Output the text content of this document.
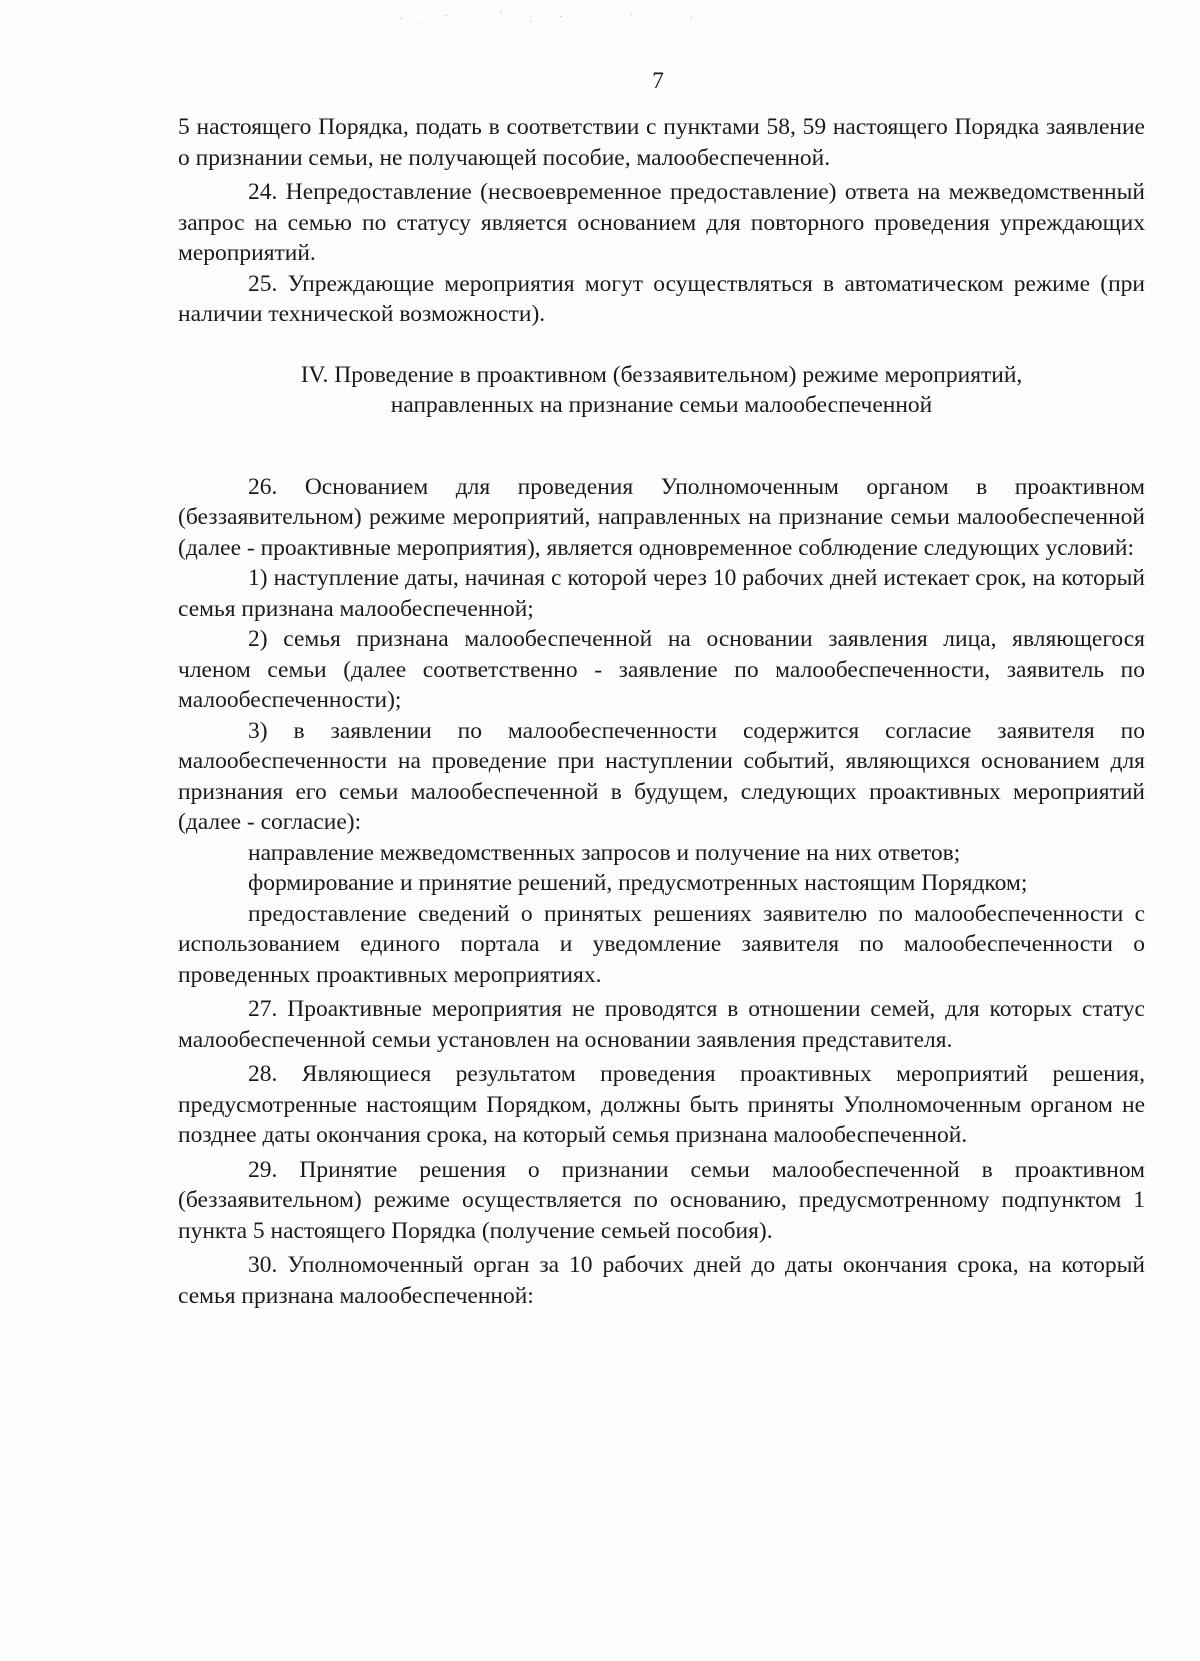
7

5 настоящего Порядка, подать в соответствии с пунктами 58, 59 настоящего Порядка заявление о признании семьи, не получающей пособие, малообеспеченной.

24. Непредоставление (несвоевременное предоставление) ответа на межведомственный запрос на семью по статусу является основанием для повторного проведения упреждающих мероприятий.

25. Упреждающие мероприятия могут осуществляться в автоматическом режиме (при наличии технической возможности).

IV. Проведение в проактивном (беззаявительном) режиме мероприятий,
направленных на признание семьи малообеспеченной

26. Основанием для проведения Уполномоченным органом в проактивном (беззаявительном) режиме мероприятий, направленных на признание семьи малообеспеченной (далее - проактивные мероприятия), является одновременное соблюдение следующих условий:

1) наступление даты, начиная с которой через 10 рабочих дней истекает срок, на который семья признана малообеспеченной;

2) семья признана малообеспеченной на основании заявления лица, являющегося членом семьи (далее соответственно - заявление по малообеспеченности, заявитель по малообеспеченности);

3) в заявлении по малообеспеченности содержится согласие заявителя по малообеспеченности на проведение при наступлении событий, являющихся основанием для признания его семьи малообеспеченной в будущем, следующих проактивных мероприятий (далее - согласие):

направление межведомственных запросов и получение на них ответов;

формирование и принятие решений, предусмотренных настоящим Порядком;

предоставление сведений о принятых решениях заявителю по малообеспеченности с использованием единого портала и уведомление заявителя по малообеспеченности о проведенных проактивных мероприятиях.

27. Проактивные мероприятия не проводятся в отношении семей, для которых статус малообеспеченной семьи установлен на основании заявления представителя.

28. Являющиеся результатом проведения проактивных мероприятий решения, предусмотренные настоящим Порядком, должны быть приняты Уполномоченным органом не позднее даты окончания срока, на который семья признана малообеспеченной.

29. Принятие решения о признании семьи малообеспеченной в проактивном (беззаявительном) режиме осуществляется по основанию, предусмотренному подпунктом 1 пункта 5 настоящего Порядка (получение семьей пособия).

30. Уполномоченный орган за 10 рабочих дней до даты окончания срока, на который семья признана малообеспеченной:
